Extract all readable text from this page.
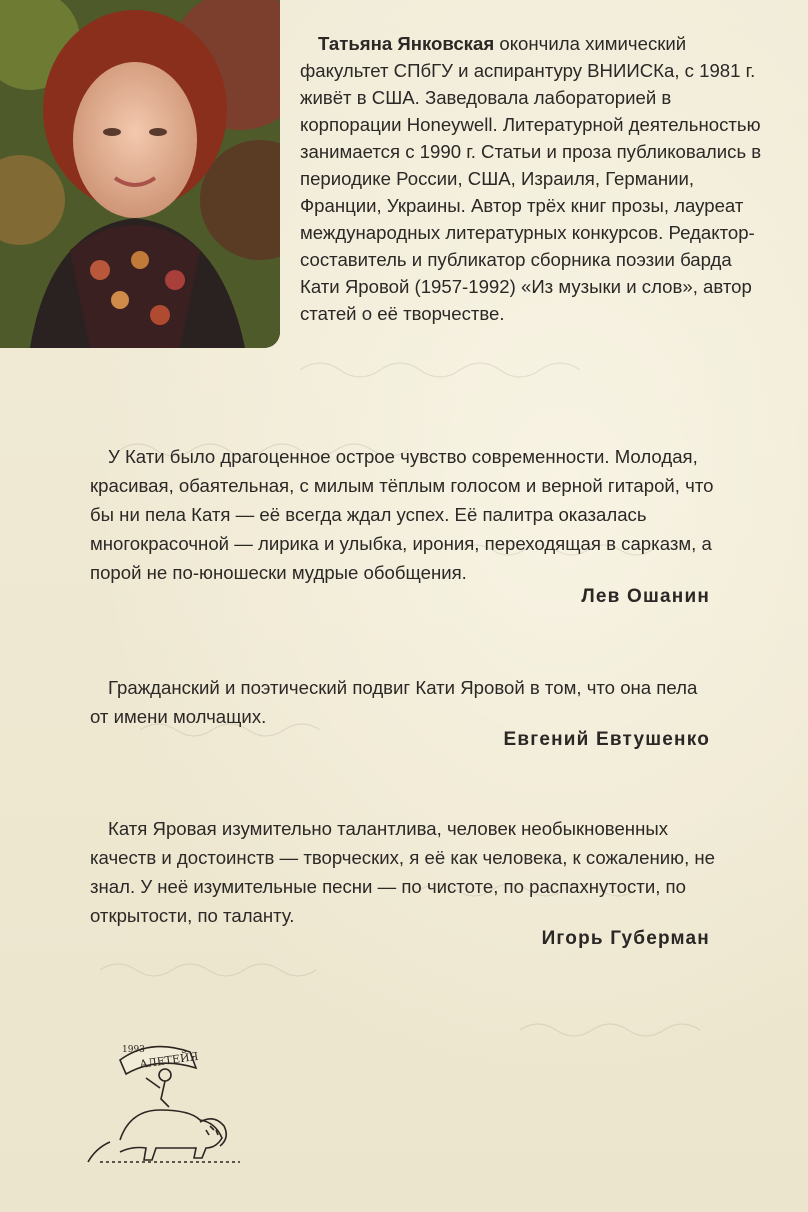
Татьяна Янковская окончила химический факультет СПбГУ и аспирантуру ВНИИСКа, с 1981 г. живёт в США. Заведовала лабораторией в корпорации Honeywell. Литературной деятельностью занимается с 1990 г. Статьи и проза публиковались в периодике России, США, Израиля, Германии, Франции, Украины. Автор трёх книг прозы, лауреат международных литературных конкурсов. Редактор-составитель и публикатор сборника поэзии барда Кати Яровой (1957-1992) «Из музыки и слов», автор статей о её творчестве.

У Кати было драгоценное острое чувство современности. Молодая, красивая, обаятельная, с милым тёплым голосом и верной гитарой, что бы ни пела Катя — её всегда ждал успех. Её палитра оказалась многокрасочной — лирика и улыбка, ирония, переходящая в сарказм, а порой не по-юношески мудрые обобщения.

Лев Ошанин

Гражданский и поэтический подвиг Кати Яровой в том, что она пела от имени молчащих.

Евгений Евтушенко

Катя Яровая изумительно талантлива, человек необыкновенных качеств и достоинств — творческих, я её как человека, к сожалению, не знал. У неё изумительные песни — по чистоте, по распахнутости, по открытости, по таланту.

Игорь Губерман
1993
АЛЕТЕЙЯ
